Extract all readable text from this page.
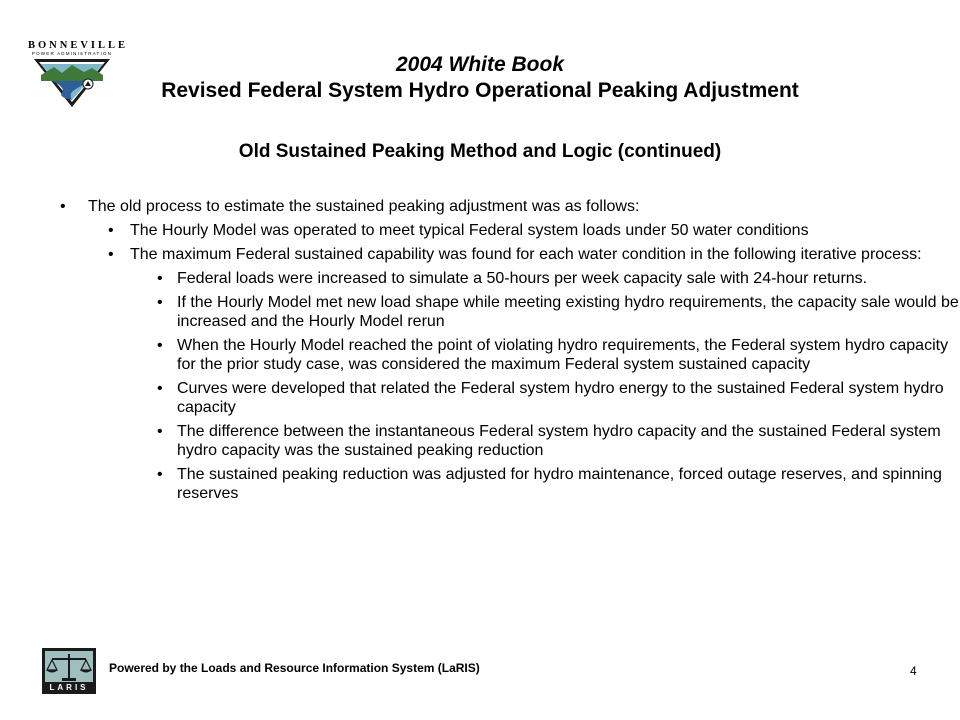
BONNEVILLE
POWER ADMINISTRATION	2004 White Book
Revised Federal System Hydro Operational Peaking Adjustment
Old Sustained Peaking Method and Logic (continued)
• The old process to estimate the sustained peaking adjustment was as follows:
• The Hourly Model was operated to meet typical Federal system loads under 50 water conditions
• The maximum Federal sustained capability was found for each water condition in the following iterative process:
• Federal loads were increased to simulate a 50-hours per week capacity sale with 24-hour returns.
• If the Hourly Model met new load shape while meeting existing hydro requirements, the capacity sale would be increased and the Hourly Model rerun
• When the Hourly Model reached the point of violating hydro requirements, the Federal system hydro capacity for the prior study case, was considered the maximum Federal system sustained capacity
• Curves were developed that related the Federal system hydro energy to the sustained Federal system hydro capacity
• The difference between the instantaneous Federal system hydro capacity and the sustained Federal system hydro capacity was the sustained peaking reduction
• The sustained peaking reduction was adjusted for hydro maintenance, forced outage reserves, and spinning reserves
LARIS
Powered by the Loads and Resource Information System (LaRIS)	4
